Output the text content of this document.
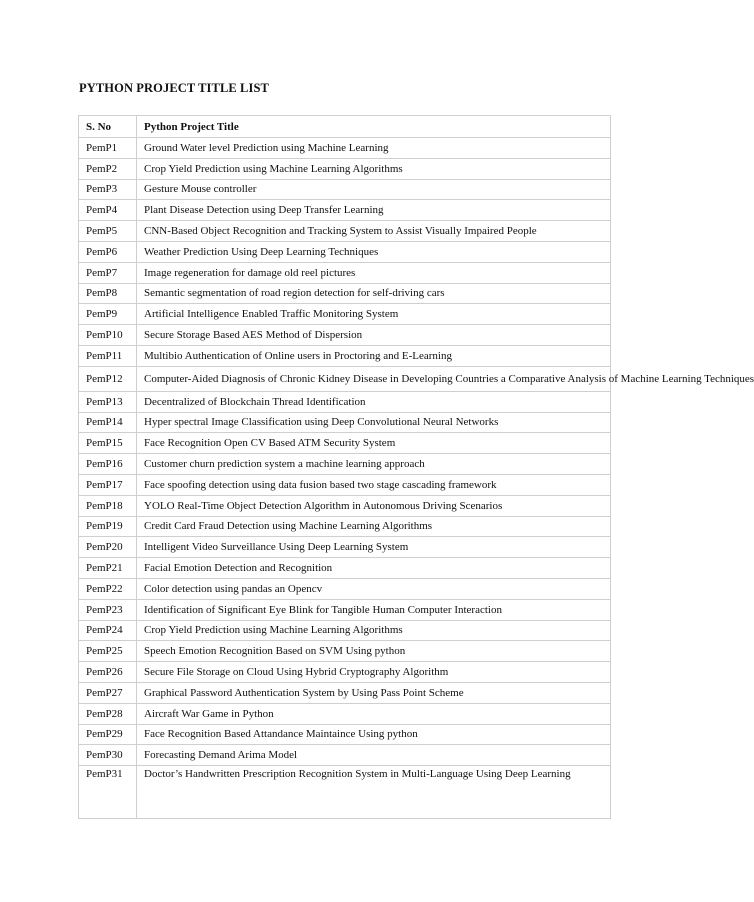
PYTHON PROJECT TITLE LIST
S. No	Python Project Title
PemP1	Ground Water level Prediction using Machine Learning
PemP2	Crop Yield Prediction using Machine Learning Algorithms
PemP3	Gesture Mouse controller
PemP4	Plant Disease Detection using Deep Transfer Learning
PemP5	CNN-Based Object Recognition and Tracking System to Assist Visually Impaired People
PemP6	Weather Prediction Using Deep Learning Techniques
PemP7	Image regeneration for damage old reel pictures
PemP8	Semantic segmentation of road region detection for self-driving cars
PemP9	Artificial Intelligence Enabled Traffic Monitoring System
PemP10	Secure Storage Based AES Method of Dispersion
PemP11	Multibio Authentication of Online users in Proctoring and E-Learning
PemP12	Computer-Aided Diagnosis of Chronic Kidney Disease in Developing Countries a Comparative Analysis of Machine Learning Techniques
PemP13	Decentralized of Blockchain Thread Identification
PemP14	Hyper spectral Image Classification using Deep Convolutional Neural Networks
PemP15	Face Recognition Open CV Based ATM Security System
PemP16	Customer churn prediction system a machine learning approach
PemP17	Face spoofing detection using data fusion based two stage cascading framework
PemP18	YOLO Real-Time Object Detection Algorithm in Autonomous Driving Scenarios
PemP19	Credit Card Fraud Detection using Machine Learning Algorithms
PemP20	Intelligent Video Surveillance Using Deep Learning System
PemP21	Facial Emotion Detection and Recognition
PemP22	Color detection using pandas an Opencv
PemP23	Identification of Significant Eye Blink for Tangible Human Computer Interaction
PemP24	Crop Yield Prediction using Machine Learning Algorithms
PemP25	Speech Emotion Recognition Based on SVM Using python
PemP26	Secure File Storage on Cloud Using Hybrid Cryptography Algorithm
PemP27	Graphical Password Authentication System by Using Pass Point Scheme
PemP28	Aircraft War Game in Python
PemP29	Face Recognition Based Attandance Maintaince Using python
PemP30	Forecasting Demand Arima Model
PemP31	Doctor’s Handwritten Prescription Recognition System in Multi-Language Using Deep Learning
